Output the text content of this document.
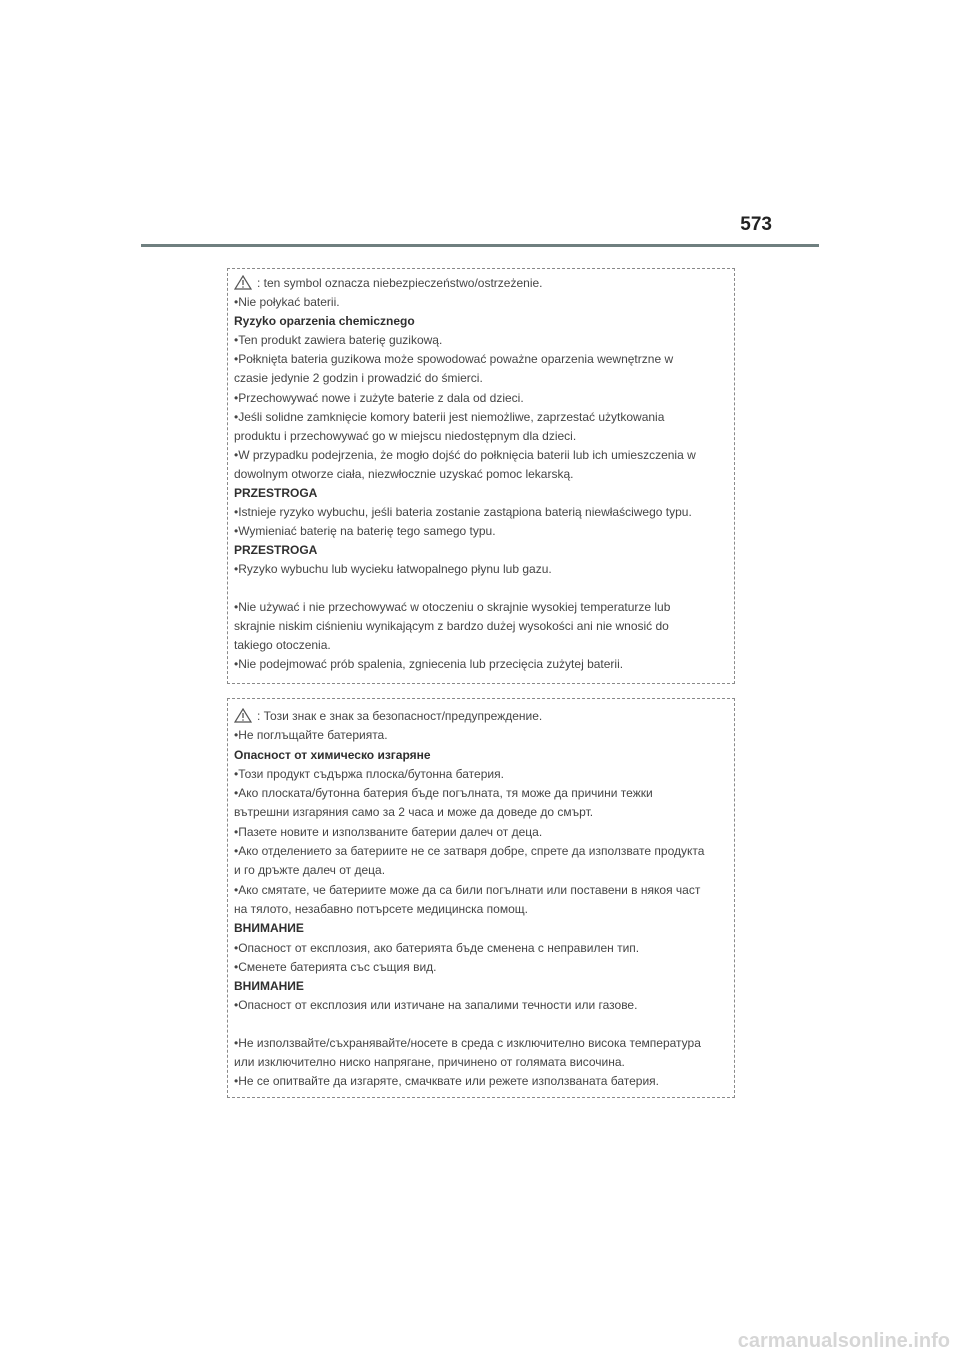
573
: ten symbol oznacza niebezpieczeństwo/ostrzeżenie.
•Nie połykać baterii.
Ryzyko oparzenia chemicznego
•Ten produkt zawiera baterię guzikową.
•Połknięta bateria guzikowa może spowodować poważne oparzenia wewnętrzne w
czasie jedynie 2 godzin i prowadzić do śmierci.
•Przechowywać nowe i zużyte baterie z dala od dzieci.
•Jeśli solidne zamknięcie komory baterii jest niemożliwe, zaprzestać użytkowania
produktu i przechowywać go w miejscu niedostępnym dla dzieci.
•W przypadku podejrzenia, że mogło dojść do połknięcia baterii lub ich umieszczenia w
dowolnym otworze ciała, niezwłocznie uzyskać pomoc lekarską.
PRZESTROGA
•Istnieje ryzyko wybuchu, jeśli bateria zostanie zastąpiona baterią niewłaściwego typu.
•Wymieniać baterię na baterię tego samego typu.
PRZESTROGA
•Ryzyko wybuchu lub wycieku łatwopalnego płynu lub gazu.
•Nie używać i nie przechowywać w otoczeniu o skrajnie wysokiej temperaturze lub
skrajnie niskim ciśnieniu wynikającym z bardzo dużej wysokości ani nie wnosić do
takiego otoczenia.
•Nie podejmować prób spalenia, zgniecenia lub przecięcia zużytej baterii.
: Този знак е знак за безопасност/предупреждение.
•Не поглъщайте батерията.
Опасност от химическо изгаряне
•Този продукт съдържа плоска/бутонна батерия.
•Ако плоската/бутонна батерия бъде погълната, тя може да причини тежки
вътрешни изгаряния само за 2 часа и може да доведе до смърт.
•Пазете новите и използваните батерии далеч от деца.
•Ако отделението за батериите не се затваря добре, спрете да използвате продукта
и го дръжте далеч от деца.
•Ако смятате, че батериите може да са били погълнати или поставени в някоя част
на тялото, незабавно потърсете медицинска помощ.
ВНИМАНИЕ
•Опасност от експлозия, ако батерията бъде сменена с неправилен тип.
•Сменете батерията със същия вид.
ВНИМАНИЕ
•Опасност от експлозия или изтичане на запалими течности или газове.
•Не използвайте/съхранявайте/носете в среда с изключително висока температура
или изключително ниско напрягане, причинено от голямата височина.
•Не се опитвайте да изгаряте, смачквате или режете използваната батерия.
carmanualsonline.info
